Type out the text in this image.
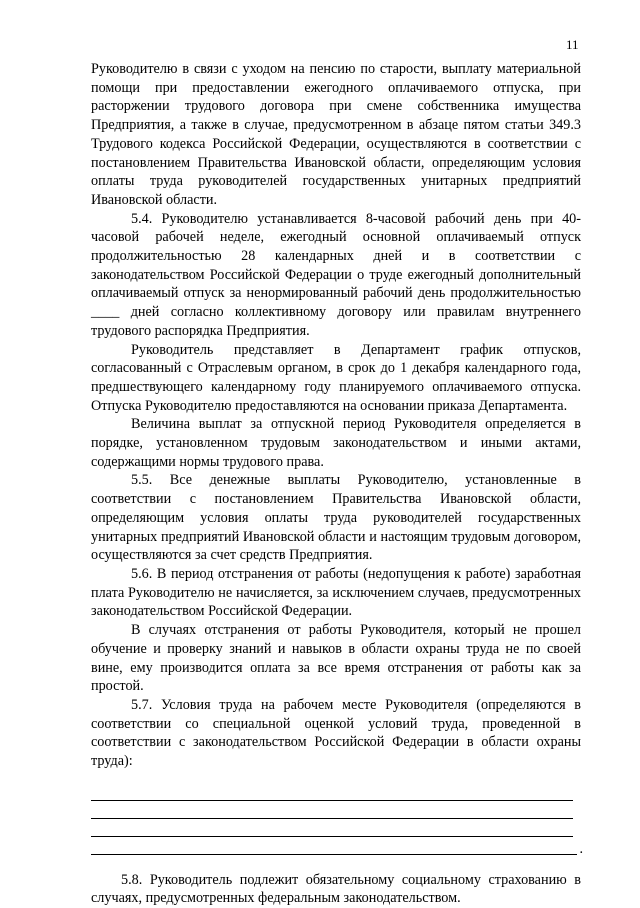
11

Руководителю в связи с уходом на пенсию по старости, выплату материальной помощи при предоставлении ежегодного оплачиваемого отпуска, при расторжении трудового договора при смене собственника имущества Предприятия, а также в случае, предусмотренном в абзаце пятом статьи 349.3 Трудового кодекса Российской Федерации, осуществляются в соответствии с постановлением Правительства Ивановской области, определяющим условия оплаты труда руководителей государственных унитарных предприятий Ивановской области.

5.4. Руководителю устанавливается 8-часовой рабочий день при 40-часовой рабочей неделе, ежегодный основной оплачиваемый отпуск продолжительностью 28 календарных дней и в соответствии с законодательством Российской Федерации о труде ежегодный дополнительный оплачиваемый отпуск за ненормированный рабочий день продолжительностью ____ дней согласно коллективному договору или правилам внутреннего трудового распорядка Предприятия.

Руководитель представляет в Департамент график отпусков, согласованный с Отраслевым органом, в срок до 1 декабря календарного года, предшествующего календарному году планируемого оплачиваемого отпуска. Отпуска Руководителю предоставляются на основании приказа Департамента.

Величина выплат за отпускной период Руководителя определяется в порядке, установленном трудовым законодательством и иными актами, содержащими нормы трудового права.

5.5. Все денежные выплаты Руководителю, установленные в соответствии с постановлением Правительства Ивановской области, определяющим условия оплаты труда руководителей государственных унитарных предприятий Ивановской области и настоящим трудовым договором, осуществляются за счет средств Предприятия.

5.6. В период отстранения от работы (недопущения к работе) заработная плата Руководителю не начисляется, за исключением случаев, предусмотренных законодательством Российской Федерации.

В случаях отстранения от работы Руководителя, который не прошел обучение и проверку знаний и навыков в области охраны труда не по своей вине, ему производится оплата за все время отстранения от работы как за простой.

5.7. Условия труда на рабочем месте Руководителя (определяются в соответствии со специальной оценкой условий труда, проведенной в соответствии с законодательством Российской Федерации в области охраны труда):

.

5.8. Руководитель подлежит обязательному социальному страхованию в случаях, предусмотренных федеральным законодательством.
